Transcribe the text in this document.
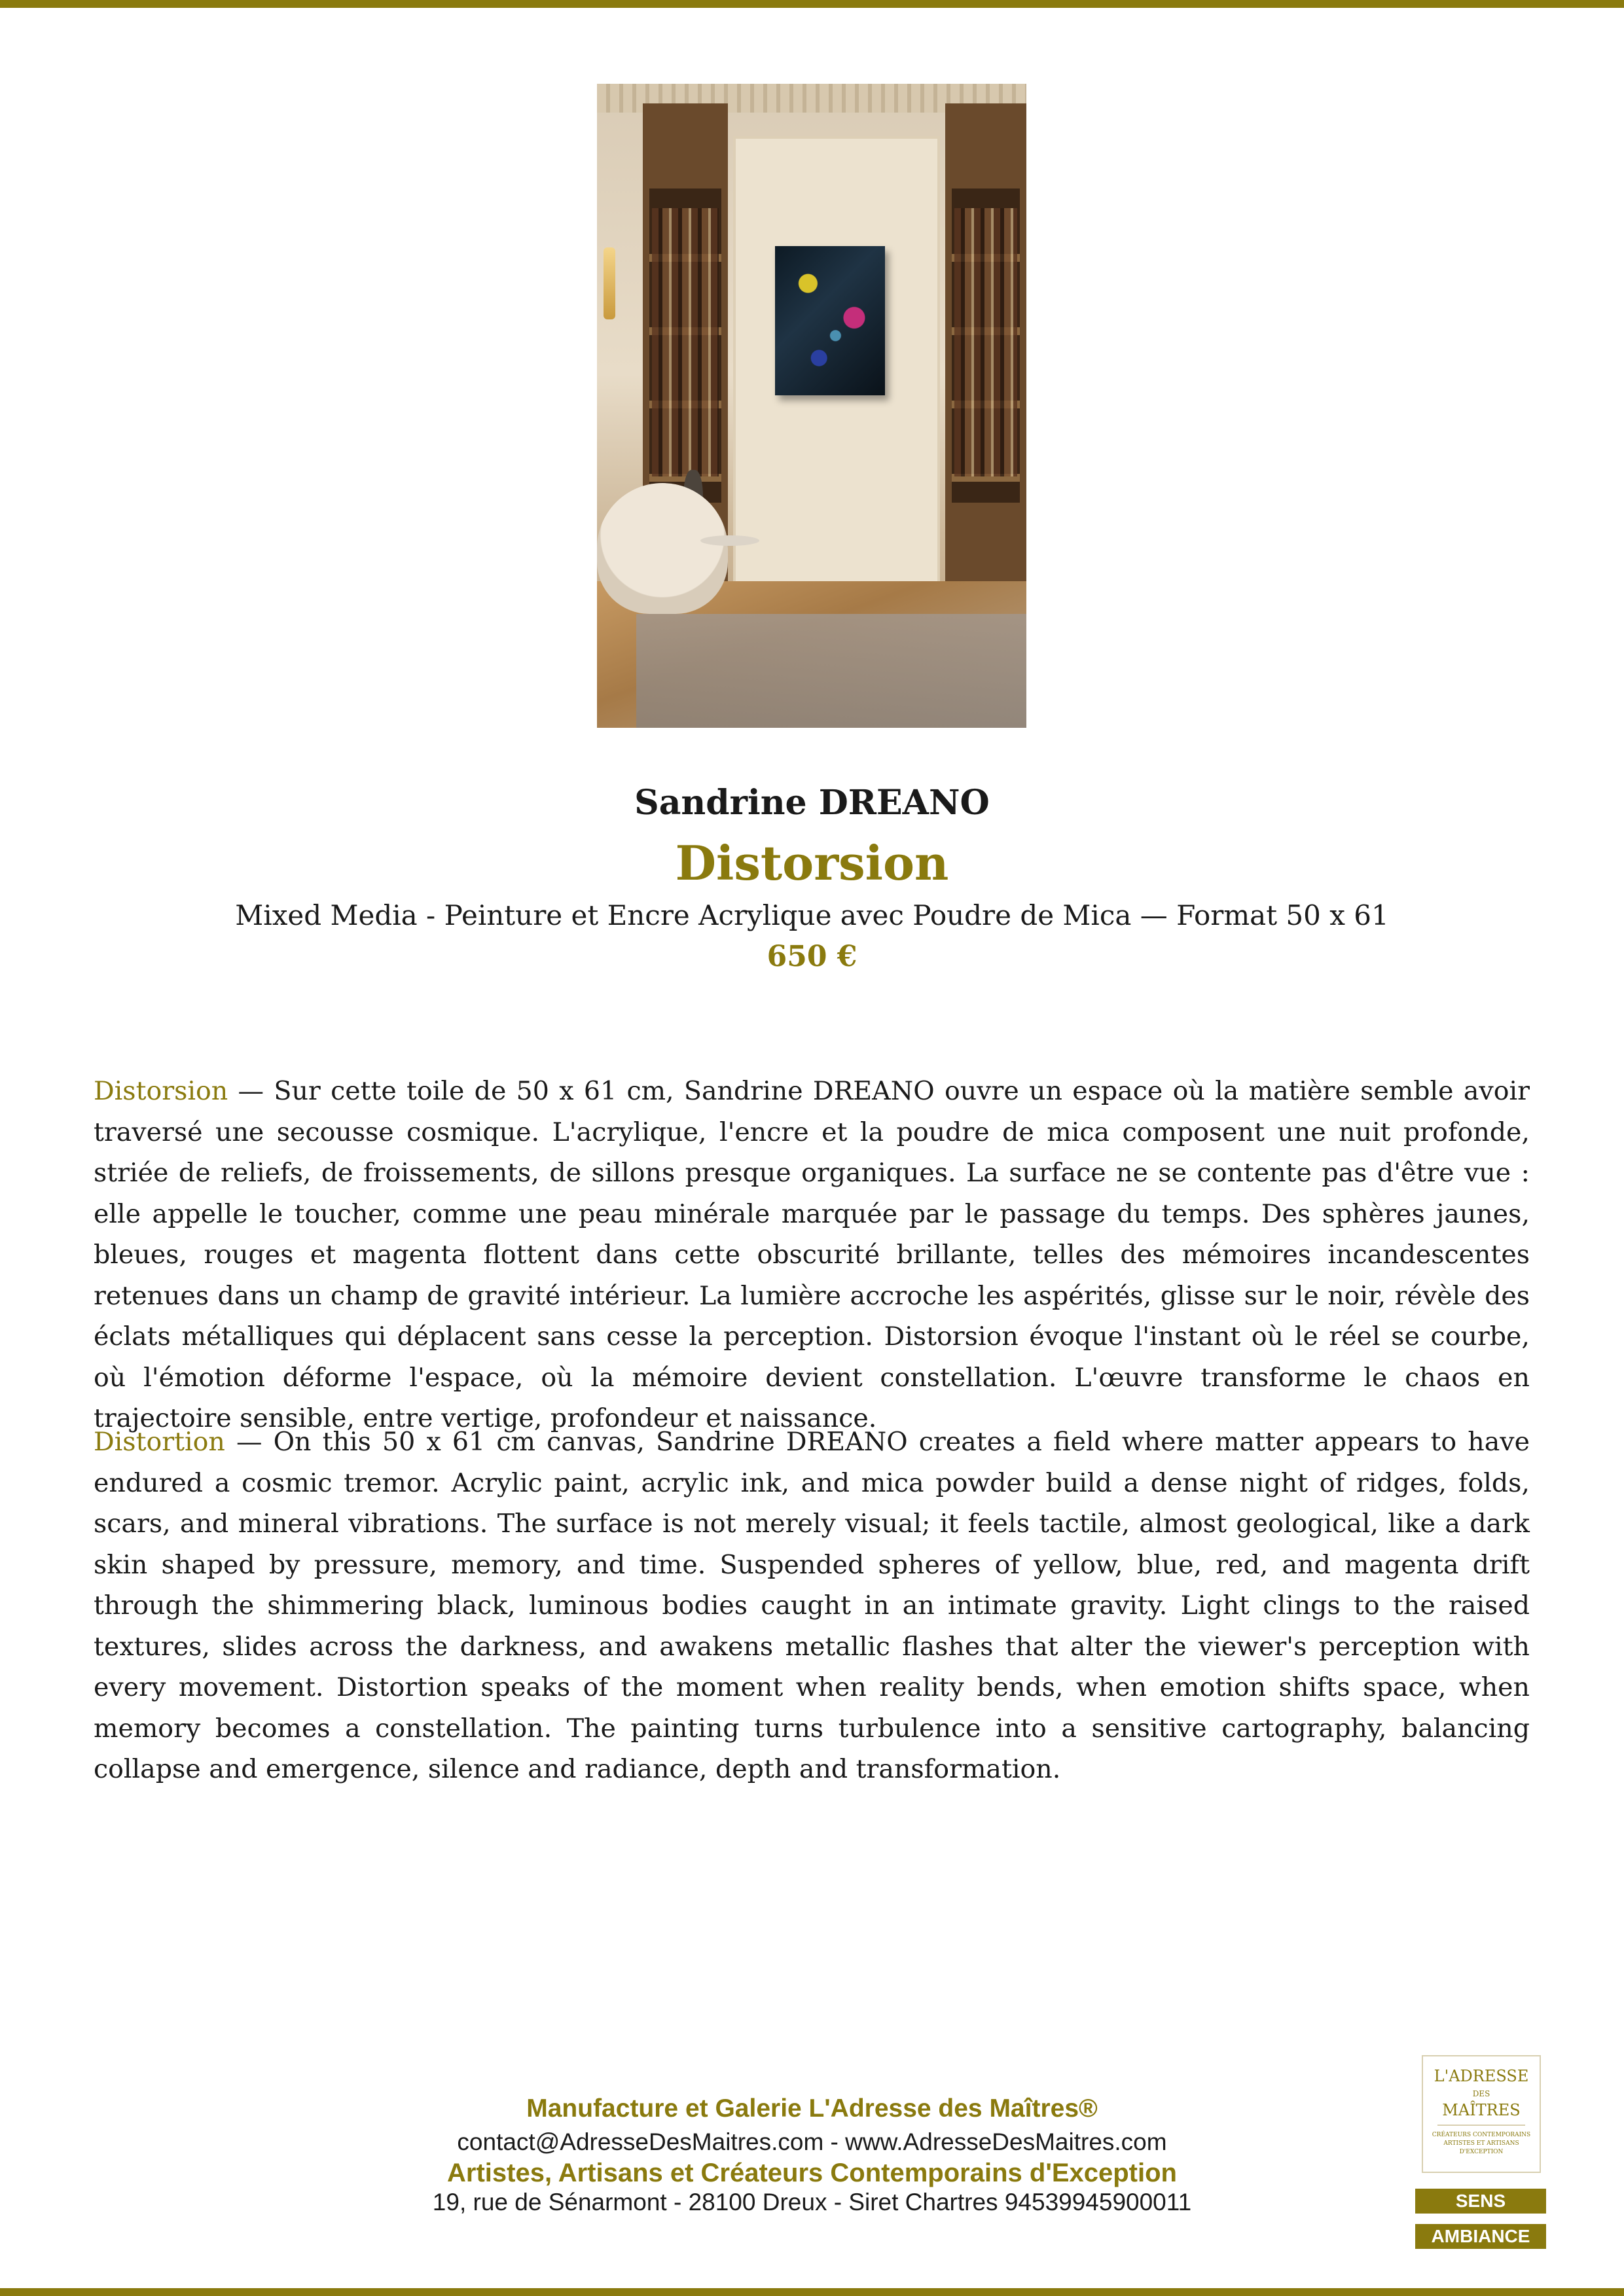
Sandrine DREANO
Distorsion
Mixed Media - Peinture et Encre Acrylique avec Poudre de Mica — Format 50 x 61
650 €

Distorsion — Sur cette toile de 50 x 61 cm, Sandrine DREANO ouvre un espace où la matière semble avoir traversé une secousse cosmique. L'acrylique, l'encre et la poudre de mica composent une nuit profonde, striée de reliefs, de froissements, de sillons presque organiques. La surface ne se contente pas d'être vue : elle appelle le toucher, comme une peau minérale marquée par le passage du temps. Des sphères jaunes, bleues, rouges et magenta flottent dans cette obscurité brillante, telles des mémoires incandescentes retenues dans un champ de gravité intérieur. La lumière accroche les aspérités, glisse sur le noir, révèle des éclats métalliques qui déplacent sans cesse la perception. Distorsion évoque l'instant où le réel se courbe, où l'émotion déforme l'espace, où la mémoire devient constellation. L'œuvre transforme le chaos en trajectoire sensible, entre vertige, profondeur et naissance.

Distortion — On this 50 x 61 cm canvas, Sandrine DREANO creates a field where matter appears to have endured a cosmic tremor. Acrylic paint, acrylic ink, and mica powder build a dense night of ridges, folds, scars, and mineral vibrations. The surface is not merely visual; it feels tactile, almost geological, like a dark skin shaped by pressure, memory, and time. Suspended spheres of yellow, blue, red, and magenta drift through the shimmering black, luminous bodies caught in an intimate gravity. Light clings to the raised textures, slides across the darkness, and awakens metallic flashes that alter the viewer's perception with every movement. Distortion speaks of the moment when reality bends, when emotion shifts space, when memory becomes a constellation. The painting turns turbulence into a sensitive cartography, balancing collapse and emergence, silence and radiance, depth and transformation.

Manufacture et Galerie L'Adresse des Maîtres®
contact@AdresseDesMaitres.com - www.AdresseDesMaitres.com
Artistes, Artisans et Créateurs Contemporains d'Exception
19, rue de Sénarmont - 28100 Dreux - Siret Chartres 94539945900011
L'ADRESSE
DES
MAÎTRES
CRÉATEURS CONTEMPORAINS ARTISTES ET ARTISANS D'EXCEPTION
SENS
AMBIANCE
